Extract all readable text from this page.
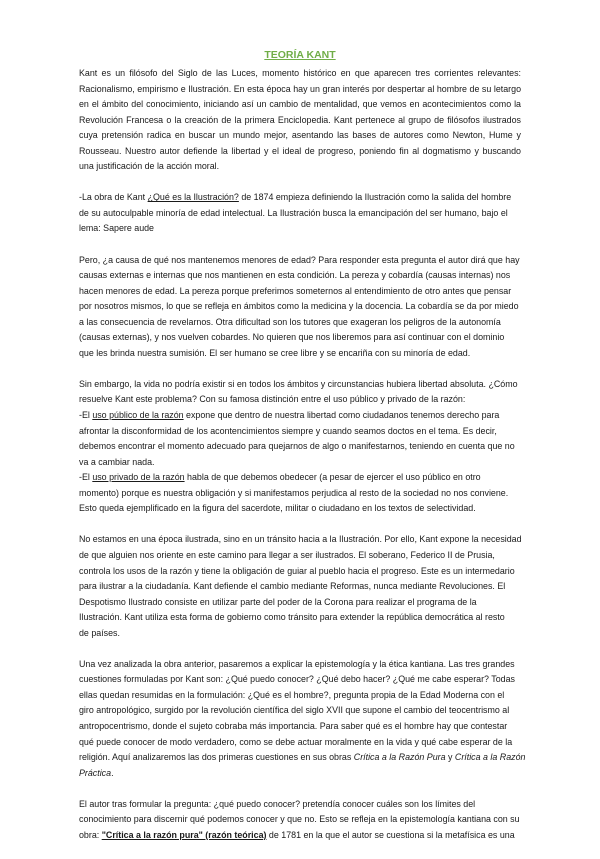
TEORÍA KANT
Kant es un filósofo del Siglo de las Luces, momento histórico en que aparecen tres corrientes relevantes:
Racionalismo, empirismo e Ilustración. En esta época hay un gran interés por despertar al hombre de su letargo
en el ámbito del conocimiento, iniciando así un cambio de mentalidad, que vemos en acontecimientos como la
Revolución Francesa o la creación de la primera Enciclopedia. Kant pertenece al grupo de filósofos ilustrados
cuya pretensión radica en buscar un mundo mejor, asentando las bases de autores como Newton, Hume y
Rousseau. Nuestro autor defiende la libertad y el ideal de progreso, poniendo fin al dogmatismo y buscando
una justificación de la acción moral.
-La obra de Kant ¿Qué es la Ilustración? de 1874 empieza definiendo la Ilustración como la salida del hombre
de su autoculpable minoría de edad intelectual. La Ilustración busca la emancipación del ser humano, bajo el
lema: Sapere aude
Pero, ¿a causa de qué nos mantenemos menores de edad? Para responder esta pregunta el autor dirá que hay
causas externas e internas que nos mantienen en esta condición. La pereza y cobardía (causas internas) nos
hacen menores de edad. La pereza porque preferimos someternos al entendimiento de otro antes que pensar
por nosotros mismos, lo que se refleja en ámbitos como la medicina y la docencia. La cobardía se da por miedo
a las consecuencia de revelarnos. Otra dificultad son los tutores que exageran los peligros de la autonomía
(causas externas), y nos vuelven cobardes. No quieren que nos liberemos para así continuar con el dominio
que les brinda nuestra sumisión. El ser humano se cree libre y se encariña con su minoría de edad.
Sin embargo, la vida no podría existir si en todos los ámbitos y circunstancias hubiera libertad absoluta. ¿Cómo
resuelve Kant este problema? Con su famosa distinción entre el uso público y privado de la razón:
-El uso público de la razón expone que dentro de nuestra libertad como ciudadanos tenemos derecho para
afrontar la disconformidad de los acontencimientos siempre y cuando seamos doctos en el tema. Es decir,
debemos encontrar el momento adecuado para quejarnos de algo o manifestarnos, teniendo en cuenta que no
va a cambiar nada.
-El uso privado de la razón habla de que debemos obedecer (a pesar de ejercer el uso público en otro
momento) porque es nuestra obligación y si manifestamos perjudica al resto de la sociedad no nos conviene.
Esto queda ejemplificado en la figura del sacerdote, militar o ciudadano en los textos de selectividad.
No estamos en una época ilustrada, sino en un tránsito hacia a la Ilustración. Por ello, Kant expone la necesidad
de que alguien nos oriente en este camino para llegar a ser ilustrados. El soberano, Federico II de Prusia,
controla los usos de la razón y tiene la obligación de guiar al pueblo hacia el progreso. Este es un intermedario
para ilustrar a la ciudadanía. Kant defiende el cambio mediante Reformas, nunca mediante Revoluciones. El
Despotismo Ilustrado consiste en utilizar parte del poder de la Corona para realizar el programa de la
Ilustración. Kant utiliza esta forma de gobierno como tránsito para extender la república democrática al resto
de países.
Una vez analizada la obra anterior, pasaremos a explicar la epistemología y la ética kantiana. Las tres grandes
cuestiones formuladas por Kant son: ¿Qué puedo conocer? ¿Qué debo hacer? ¿Qué me cabe esperar? Todas
ellas quedan resumidas en la formulación: ¿Qué es el hombre?, pregunta propia de la Edad Moderna con el
giro antropológico, surgido por la revolución científica del siglo XVII que supone el cambio del teocentrismo al
antropocentrismo, donde el sujeto cobraba más importancia. Para saber qué es el hombre hay que contestar
qué puede conocer de modo verdadero, como se debe actuar moralmente en la vida y qué cabe esperar de la
religión. Aquí analizaremos las dos primeras cuestiones en sus obras Crítica a la Razón Pura y Crítica a la Razón
Práctica.
El autor tras formular la pregunta: ¿qué puedo conocer? pretendía conocer cuáles son los límites del
conocimiento para discernir qué podemos conocer y que no. Esto se refleja en la epistemología kantiana con su
obra: "Crítica a la razón pura" (razón teórica) de 1781 en la que el autor se cuestiona si la metafísica es una
